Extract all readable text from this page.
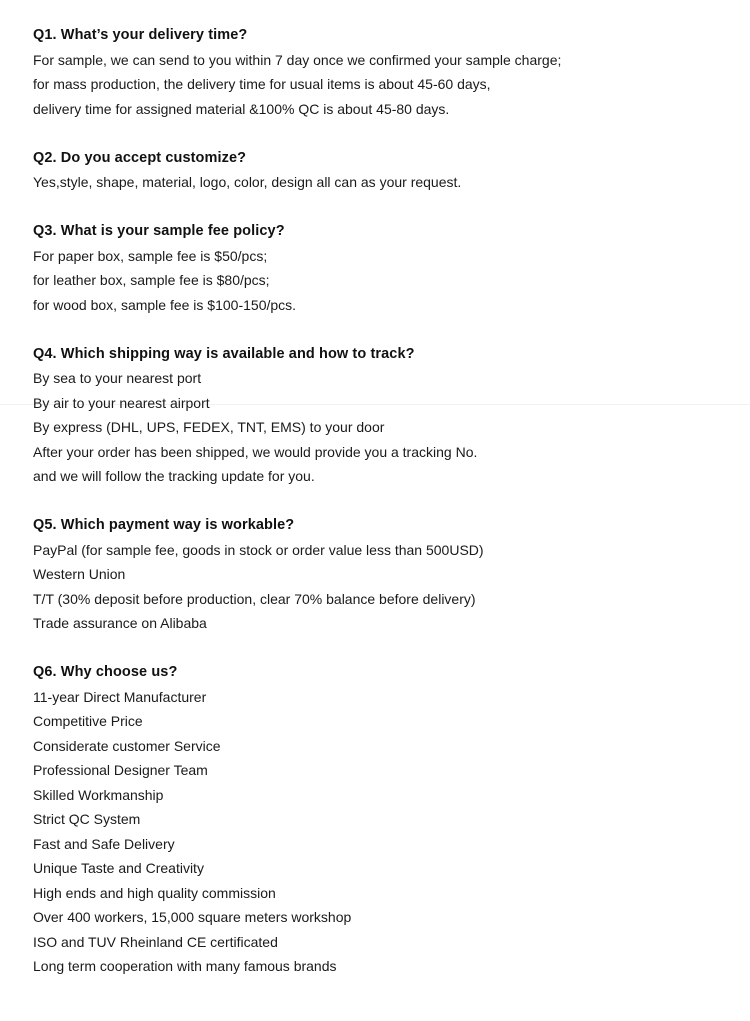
Q1. What’s your delivery time?
For sample, we can send to you within 7 day once we confirmed your sample charge;
for mass production, the delivery time for usual items is about 45-60 days,
delivery time for assigned material &100% QC is about 45-80 days.
Q2. Do you accept customize?
Yes,style, shape, material, logo, color, design all can as your request.
Q3. What is your sample fee policy?
For paper box, sample fee is $50/pcs;
for leather box, sample fee is $80/pcs;
for wood box, sample fee is $100-150/pcs.
Q4. Which shipping way is available and how to track?
By sea to your nearest port
By air to your nearest airport
By express (DHL, UPS, FEDEX, TNT, EMS) to your door
After your order has been shipped, we would provide you a tracking No.
and we will follow the tracking update for you.
Q5. Which payment way is workable?
PayPal (for sample fee, goods in stock or order value less than 500USD)
Western Union
T/T (30% deposit before production, clear 70% balance before delivery)
Trade assurance on Alibaba
Q6. Why choose us?
11-year Direct Manufacturer
Competitive Price
Considerate customer Service
Professional Designer Team
Skilled Workmanship
Strict QC System
Fast and Safe Delivery
Unique Taste and Creativity
High ends and high quality commission
Over 400 workers, 15,000 square meters workshop
ISO and TUV Rheinland CE certificated
Long term cooperation with many famous brands
